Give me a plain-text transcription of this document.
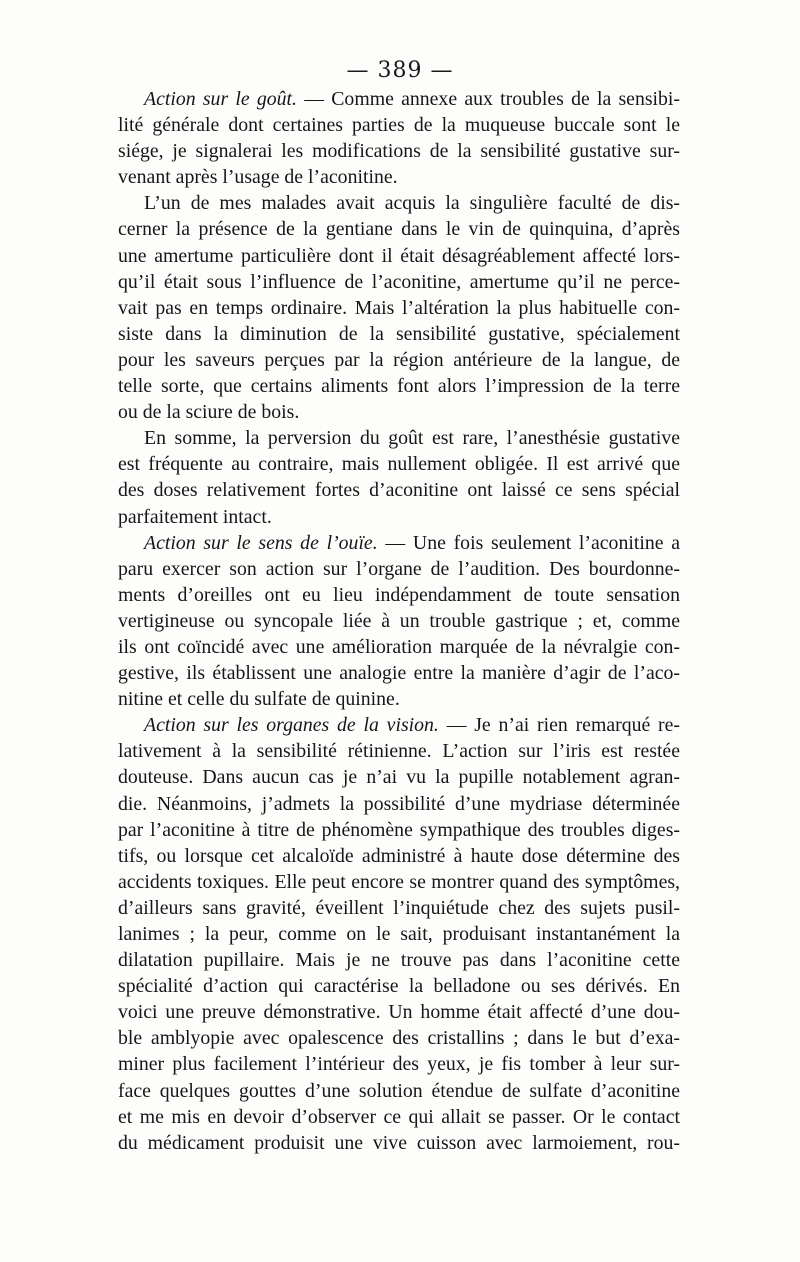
— 389 —
Action sur le goût. — Comme annexe aux troubles de la sensibi-
lité générale dont certaines parties de la muqueuse buccale sont le
siége, je signalerai les modifications de la sensibilité gustative sur-
venant après l’usage de l’aconitine.
L’un de mes malades avait acquis la singulière faculté de dis-
cerner la présence de la gentiane dans le vin de quinquina, d’après
une amertume particulière dont il était désagréablement affecté lors-
qu’il était sous l’influence de l’aconitine, amertume qu’il ne perce-
vait pas en temps ordinaire. Mais l’altération la plus habituelle con-
siste dans la diminution de la sensibilité gustative, spécialement
pour les saveurs perçues par la région antérieure de la langue, de
telle sorte, que certains aliments font alors l’impression de la terre
ou de la sciure de bois.
En somme, la perversion du goût est rare, l’anesthésie gustative
est fréquente au contraire, mais nullement obligée. Il est arrivé que
des doses relativement fortes d’aconitine ont laissé ce sens spécial
parfaitement intact.
Action sur le sens de l’ouïe. — Une fois seulement l’aconitine a
paru exercer son action sur l’organe de l’audition. Des bourdonne-
ments d’oreilles ont eu lieu indépendamment de toute sensation
vertigineuse ou syncopale liée à un trouble gastrique ; et, comme
ils ont coïncidé avec une amélioration marquée de la névralgie con-
gestive, ils établissent une analogie entre la manière d’agir de l’aco-
nitine et celle du sulfate de quinine.
Action sur les organes de la vision. — Je n’ai rien remarqué re-
lativement à la sensibilité rétinienne. L’action sur l’iris est restée
douteuse. Dans aucun cas je n’ai vu la pupille notablement agran-
die. Néanmoins, j’admets la possibilité d’une mydriase déterminée
par l’aconitine à titre de phénomène sympathique des troubles diges-
tifs, ou lorsque cet alcaloïde administré à haute dose détermine des
accidents toxiques. Elle peut encore se montrer quand des symptômes,
d’ailleurs sans gravité, éveillent l’inquiétude chez des sujets pusil-
lanimes ; la peur, comme on le sait, produisant instantanément la
dilatation pupillaire. Mais je ne trouve pas dans l’aconitine cette
spécialité d’action qui caractérise la belladone ou ses dérivés. En
voici une preuve démonstrative. Un homme était affecté d’une dou-
ble amblyopie avec opalescence des cristallins ; dans le but d’exa-
miner plus facilement l’intérieur des yeux, je fis tomber à leur sur-
face quelques gouttes d’une solution étendue de sulfate d’aconitine
et me mis en devoir d’observer ce qui allait se passer. Or le contact
du médicament produisit une vive cuisson avec larmoiement, rou-
